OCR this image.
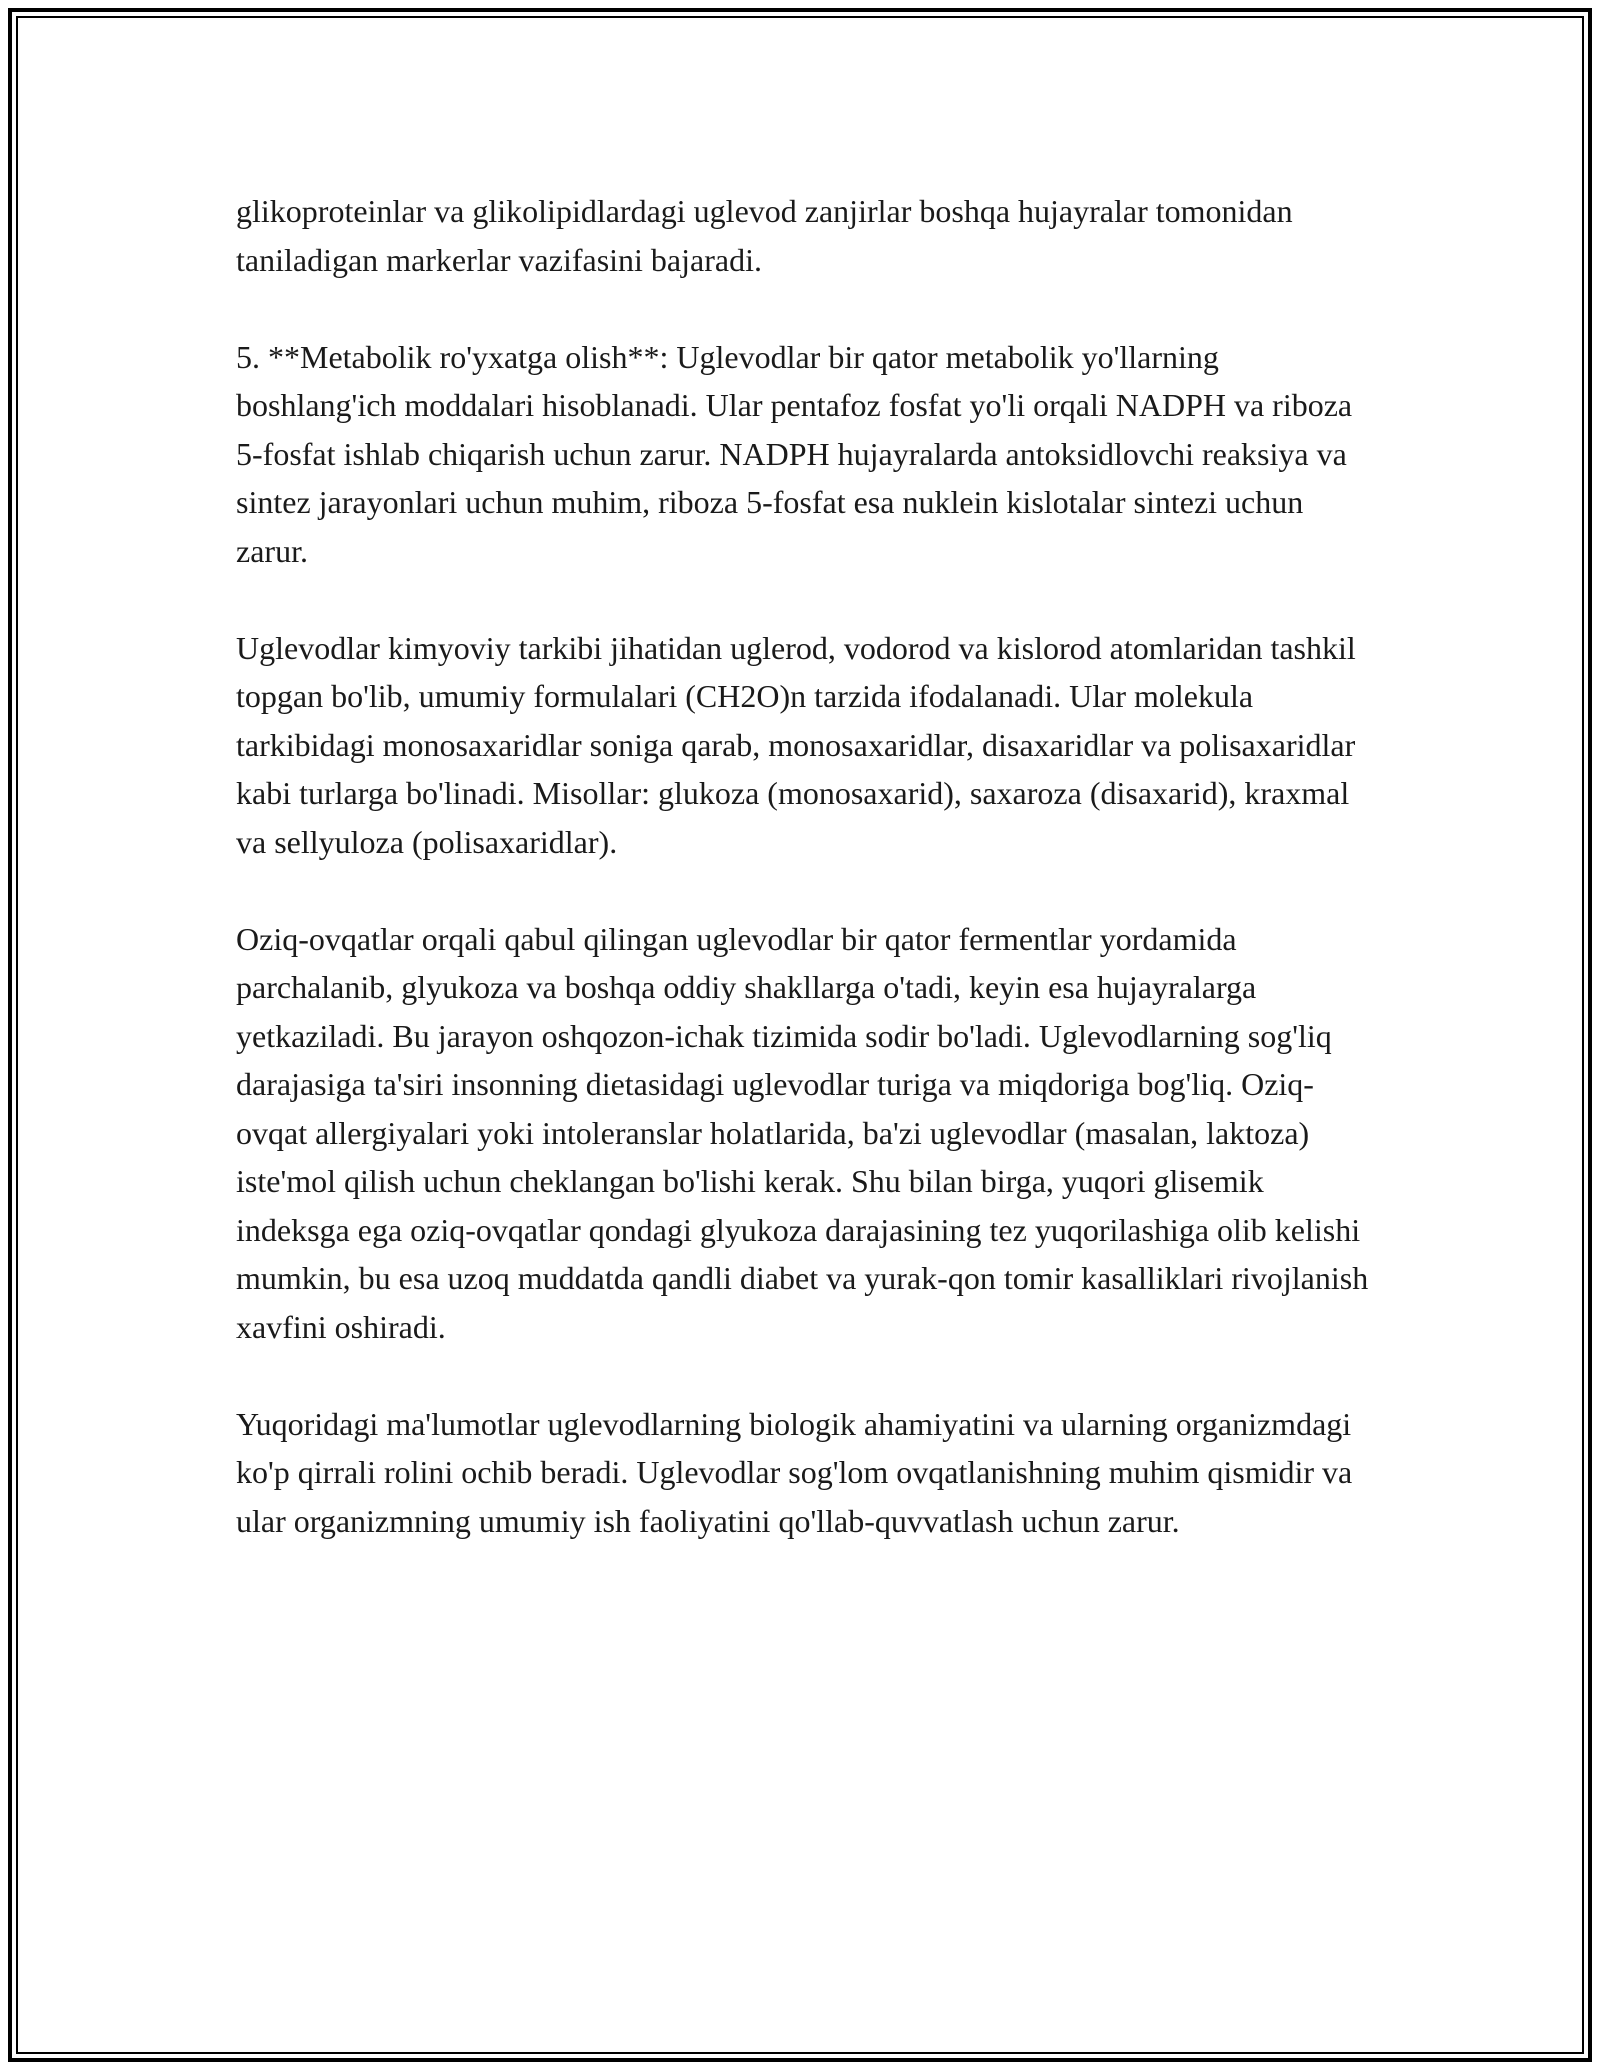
glikoproteinlar va glikolipidlardagi uglevod zanjirlar boshqa hujayralar tomonidan taniladigan markerlar vazifasini bajaradi.

5. **Metabolik ro'yxatga olish**: Uglevodlar bir qator metabolik yo'llarning boshlang'ich moddalari hisoblanadi. Ular pentafoz fosfat yo'li orqali NADPH va riboza 5-fosfat ishlab chiqarish uchun zarur. NADPH hujayralarda antoksidlovchi reaksiya va sintez jarayonlari uchun muhim, riboza 5-fosfat esa nuklein kislotalar sintezi uchun zarur.

Uglevodlar kimyoviy tarkibi jihatidan uglerod, vodorod va kislorod atomlaridan tashkil topgan bo'lib, umumiy formulalari (CH2O)n tarzida ifodalanadi. Ular molekula tarkibidagi monosaxaridlar soniga qarab, monosaxaridlar, disaxaridlar va polisaxaridlar kabi turlarga bo'linadi. Misollar: glukoza (monosaxarid), saxaroza (disaxarid), kraxmal va sellyuloza (polisaxaridlar).

Oziq-ovqatlar orqali qabul qilingan uglevodlar bir qator fermentlar yordamida parchalanib, glyukoza va boshqa oddiy shakllarga o'tadi, keyin esa hujayralarga yetkaziladi. Bu jarayon oshqozon-ichak tizimida sodir bo'ladi. Uglevodlarning sog'liq darajasiga ta'siri insonning dietasidagi uglevodlar turiga va miqdoriga bog'liq. Oziq-ovqat allergiyalari yoki intoleranslar holatlarida, ba'zi uglevodlar (masalan, laktoza) iste'mol qilish uchun cheklangan bo'lishi kerak. Shu bilan birga, yuqori glisemik indeksga ega oziq-ovqatlar qondagi glyukoza darajasining tez yuqorilashiga olib kelishi mumkin, bu esa uzoq muddatda qandli diabet va yurak-qon tomir kasalliklari rivojlanish xavfini oshiradi.

Yuqoridagi ma'lumotlar uglevodlarning biologik ahamiyatini va ularning organizmdagi ko'p qirrali rolini ochib beradi. Uglevodlar sog'lom ovqatlanishning muhim qismidir va ular organizmning umumiy ish faoliyatini qo'llab-quvvatlash uchun zarur.
